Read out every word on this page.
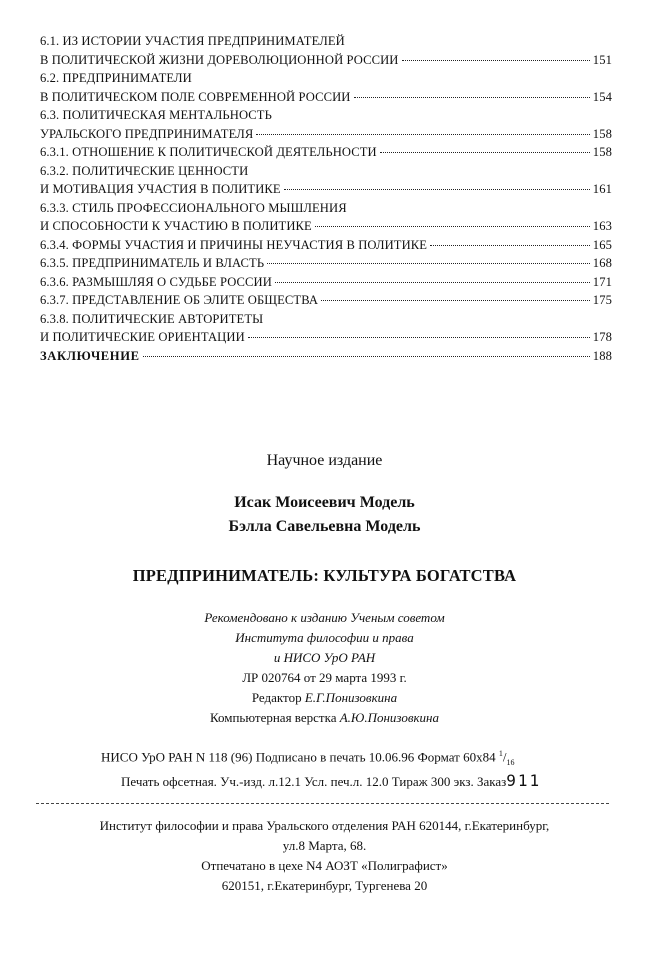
6.1. ИЗ ИСТОРИИ УЧАСТИЯ ПРЕДПРИНИМАТЕЛЕЙ
В ПОЛИТИЧЕСКОЙ ЖИЗНИ ДОРЕВОЛЮЦИОННОЙ РОССИИ	151
6.2. ПРЕДПРИНИМАТЕЛИ
В ПОЛИТИЧЕСКОМ ПОЛЕ СОВРЕМЕННОЙ РОССИИ	154
6.3. ПОЛИТИЧЕСКАЯ МЕНТАЛЬНОСТЬ
УРАЛЬСКОГО ПРЕДПРИНИМАТЕЛЯ	158
6.3.1. ОТНОШЕНИЕ К ПОЛИТИЧЕСКОЙ ДЕЯТЕЛЬНОСТИ	158
6.3.2. ПОЛИТИЧЕСКИЕ ЦЕННОСТИ
И МОТИВАЦИЯ УЧАСТИЯ В ПОЛИТИКЕ	161
6.3.3. СТИЛЬ ПРОФЕССИОНАЛЬНОГО МЫШЛЕНИЯ
И СПОСОБНОСТИ К УЧАСТИЮ В ПОЛИТИКЕ	163
6.3.4. ФОРМЫ УЧАСТИЯ И ПРИЧИНЫ НЕУЧАСТИЯ В ПОЛИТИКЕ	165
6.3.5. ПРЕДПРИНИМАТЕЛЬ И ВЛАСТЬ	168
6.3.6. РАЗМЫШЛЯЯ О СУДЬБЕ РОССИИ	171
6.3.7. ПРЕДСТАВЛЕНИЕ ОБ ЭЛИТЕ ОБЩЕСТВА	175
6.3.8. ПОЛИТИЧЕСКИЕ АВТОРИТЕТЫ
И ПОЛИТИЧЕСКИЕ ОРИЕНТАЦИИ	178
ЗАКЛЮЧЕНИЕ	188
Научное издание
Исак Моисеевич Модель
Бэлла Савельевна Модель
ПРЕДПРИНИМАТЕЛЬ: КУЛЬТУРА БОГАТСТВА
Рекомендовано к изданию Ученым советом
Института философии и права
и НИСО УрО РАН
ЛР 020764 от 29 марта 1993 г.
Редактор Е.Г.Понизовкина
Компьютерная верстка А.Ю.Понизовкина
НИСО УрО РАН N 118 (96) Подписано в печать 10.06.96 Формат 60х84 $^1/_{16}$
Печать офсетная. Уч.-изд. л.12.1 Усл. печ.л. 12.0 Тираж 300 экз. Заказ911
Институт философии и права Уральского отделения РАН 620144, г.Екатеринбург,
ул.8 Марта, 68.
Отпечатано в цехе N4 АОЗТ «Полиграфист»
620151, г.Екатеринбург, Тургенева 20
